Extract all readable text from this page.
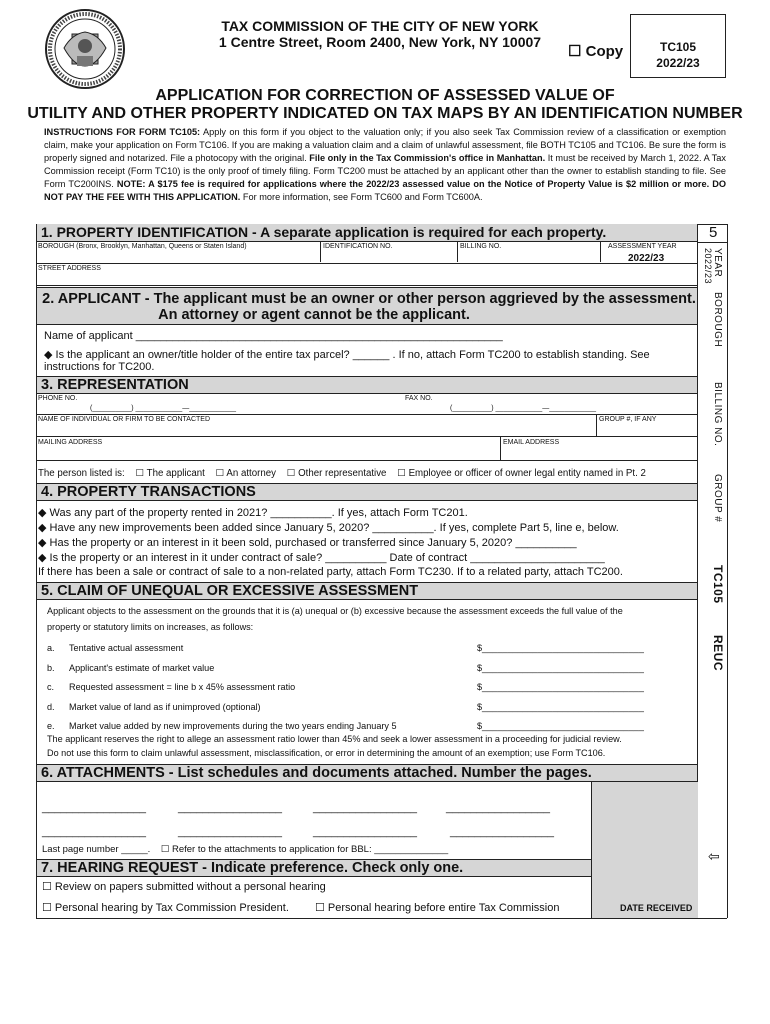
TAX COMMISSION OF THE CITY OF NEW YORK
1 Centre Street, Room 2400, New York, NY 10007
☐ Copy	TC105
2022/23
APPLICATION FOR CORRECTION OF ASSESSED VALUE OF
UTILITY AND OTHER PROPERTY INDICATED ON TAX MAPS BY AN IDENTIFICATION NUMBER
INSTRUCTIONS FOR FORM TC105: Apply on this form if you object to the valuation only; if you also seek Tax Commission review of a classification or exemption claim, make your application on Form TC106. If you are making a valuation claim and a claim of unlawful assessment, file BOTH TC105 and TC106. Be sure the form is properly signed and notarized. File a photocopy with the original. File only in the Tax Commission's office in Manhattan. It must be received by March 1, 2022. A Tax Commission receipt (Form TC10) is the only proof of timely filing. Form TC200 must be attached by an applicant other than the owner to establish standing to file. See Form TC200INS. NOTE: A $175 fee is required for applications where the 2022/23 assessed value on the Notice of Property Value is $2 million or more. DO NOT PAY THE FEE WITH THIS APPLICATION. For more information, see Form TC600 and Form TC600A.
1. PROPERTY IDENTIFICATION - A separate application is required for each property.	5
BOROUGH (Bronx, Brooklyn, Manhattan, Queens or Staten Island)	IDENTIFICATION NO.	BILLING NO.	ASSESSMENT YEAR
2022/23
STREET ADDRESS	YEAR
2022/23
BOROUGH
BILLING NO.
GROUP #
TC105
REUC
2. APPLICANT - The applicant must be an owner or other person aggrieved by the assessment.
An attorney or agent cannot be the applicant.
Name of applicant ____________________________________________________________
◆ Is the applicant an owner/title holder of the entire tax parcel? ______ . If no, attach Form TC200 to establish standing. See
instructions for TC200.
3. REPRESENTATION
PHONE NO.
(__________) ____________—____________
FAX NO.
(__________) ____________—____________
NAME OF INDIVIDUAL OR FIRM TO BE CONTACTED	GROUP #, IF ANY
MAILING ADDRESS	EMAIL ADDRESS
The person listed is:    ☐ The applicant    ☐ An attorney    ☐ Other representative    ☐ Employee or officer of owner legal entity named in Pt. 2
4. PROPERTY TRANSACTIONS
◆ Was any part of the property rented in 2021? __________. If yes, attach Form TC201.
◆ Have any new improvements been added since January 5, 2020? __________. If yes, complete Part 5, line e, below.
◆ Has the property or an interest in it been sold, purchased or transferred since January 5, 2020? __________
◆ Is the property or an interest in it under contract of sale? __________ Date of contract ______________________
If there has been a sale or contract of sale to a non-related party, attach Form TC230. If to a related party, attach TC200.
5. CLAIM OF UNEQUAL OR EXCESSIVE ASSESSMENT
Applicant objects to the assessment on the grounds that it is (a) unequal or (b) excessive because the assessment exceeds the full value of the
property or statutory limits on increases, as follows:
a. Tentative actual assessment	$________________________________
b. Applicant's estimate of market value	$________________________________
c. Requested assessment = line b x 45% assessment ratio	$________________________________
d. Market value of land as if unimproved (optional)	$________________________________
e. Market value added by new improvements during the two years ending January 5	$________________________________
The applicant reserves the right to allege an assessment ratio lower than 45% and seek a lower assessment in a proceeding for judicial review.
Do not use this form to claim unlawful assessment, misclassification, or error in determining the amount of an exemption; use Form TC106.
6. ATTACHMENTS - List schedules and documents attached. Number the pages.
⇦
_________________	_________________	_________________	_________________
_________________	_________________	_________________	_________________
Last page number _____.    ☐ Refer to the attachments to application for BBL: ______________
7. HEARING REQUEST - Indicate preference. Check only one.
☐ Review on papers submitted without a personal hearing
☐ Personal hearing by Tax Commission President. ☐ Personal hearing before entire Tax Commission	DATE RECEIVED
